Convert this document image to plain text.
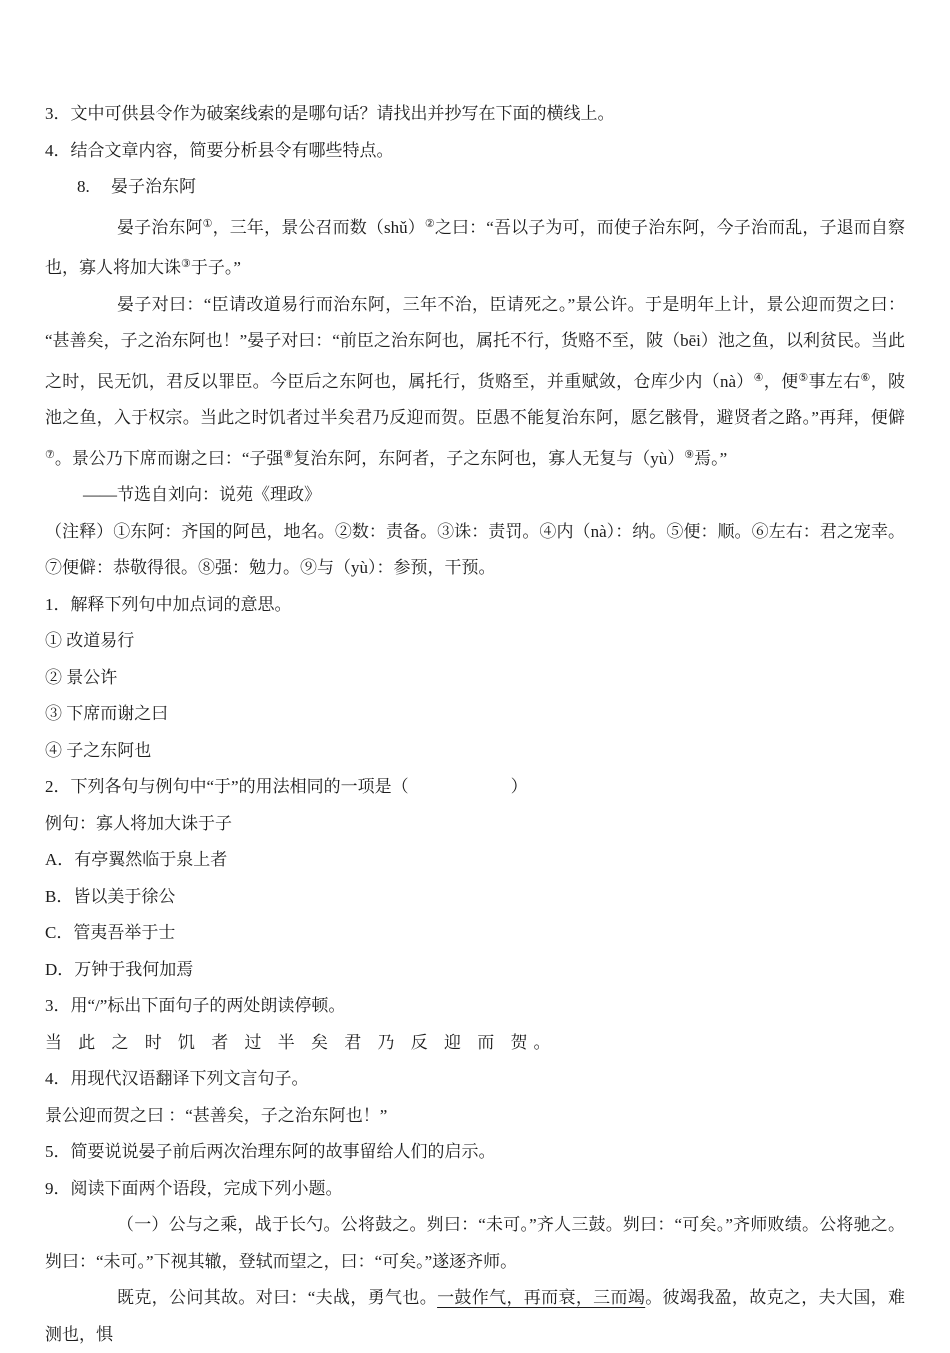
3．文中可供县令作为破案线索的是哪句话？请找出并抄写在下面的横线上。

4．结合文章内容，简要分析县令有哪些特点。

8.　 晏子治东阿

晏子治东阿①，三年，景公召而数（shǔ）②之曰：“吾以子为可，而使子治东阿，今子治而乱，子退而自察也，寡人将加大诛③于子。”

晏子对曰：“臣请改道易行而治东阿，三年不治，臣请死之。”景公许。于是明年上计，景公迎而贺之曰：“甚善矣，子之治东阿也！”晏子对曰：“前臣之治东阿也，属托不行，货赂不至，陂（bēi）池之鱼，以利贫民。当此之时，民无饥，君反以罪臣。今臣后之东阿也，属托行，货赂至，并重赋敛，仓库少内（nà）④，便⑤事左右⑥，陂池之鱼，入于权宗。当此之时饥者过半矣君乃反迎而贺。臣愚不能复治东阿，愿乞骸骨，避贤者之路。”再拜，便僻⑦。景公乃下席而谢之曰：“子强⑧复治东阿，东阿者，子之东阿也，寡人无复与（yù）⑨焉。”

——节选自刘向：说苑《理政》

（注释）①东阿：齐国的阿邑，地名。②数：责备。③诛：责罚。④内（nà）：纳。⑤便：顺。⑥左右：君之宠幸。⑦便僻：恭敬得很。⑧强：勉力。⑨与（yù）：参预，干预。

1．解释下列句中加点词的意思。

① 改道易行

② 景公许 •

③ 下席而谢之曰

④ 子之东阿也

2．下列各句与例句中“于”的用法相同的一项是（　　　　　　）

例句：寡人将加大诛于子

A．有亭翼然临于泉上者

B．皆以美于徐公

C．管夷吾举于士

D．万钟于我何加焉

3．用“/”标出下面句子的两处朗读停顿。

当 此 之 时 饥 者 过 半 矣 君 乃 反 迎 而 贺。

4．用现代汉语翻译下列文言句子。

景公迎而贺之曰 ：“甚善矣，子之治东阿也！”

5．简要说说晏子前后两次治理东阿的故事留给人们的启示。

9．阅读下面两个语段，完成下列小题。

（一）公与之乘，战于长勺。公将鼓之。刿曰：“未可。”齐人三鼓。刿曰：“可矣。”齐师败绩。公将驰之。刿曰：“未可。”下视其辙，登轼而望之，曰：“可矣。”遂逐齐师。

既克，公问其故。对曰：“夫战，勇气也。一鼓作气，再而衰，三而竭。彼竭我盈，故克之，夫大国，难测也，惧
